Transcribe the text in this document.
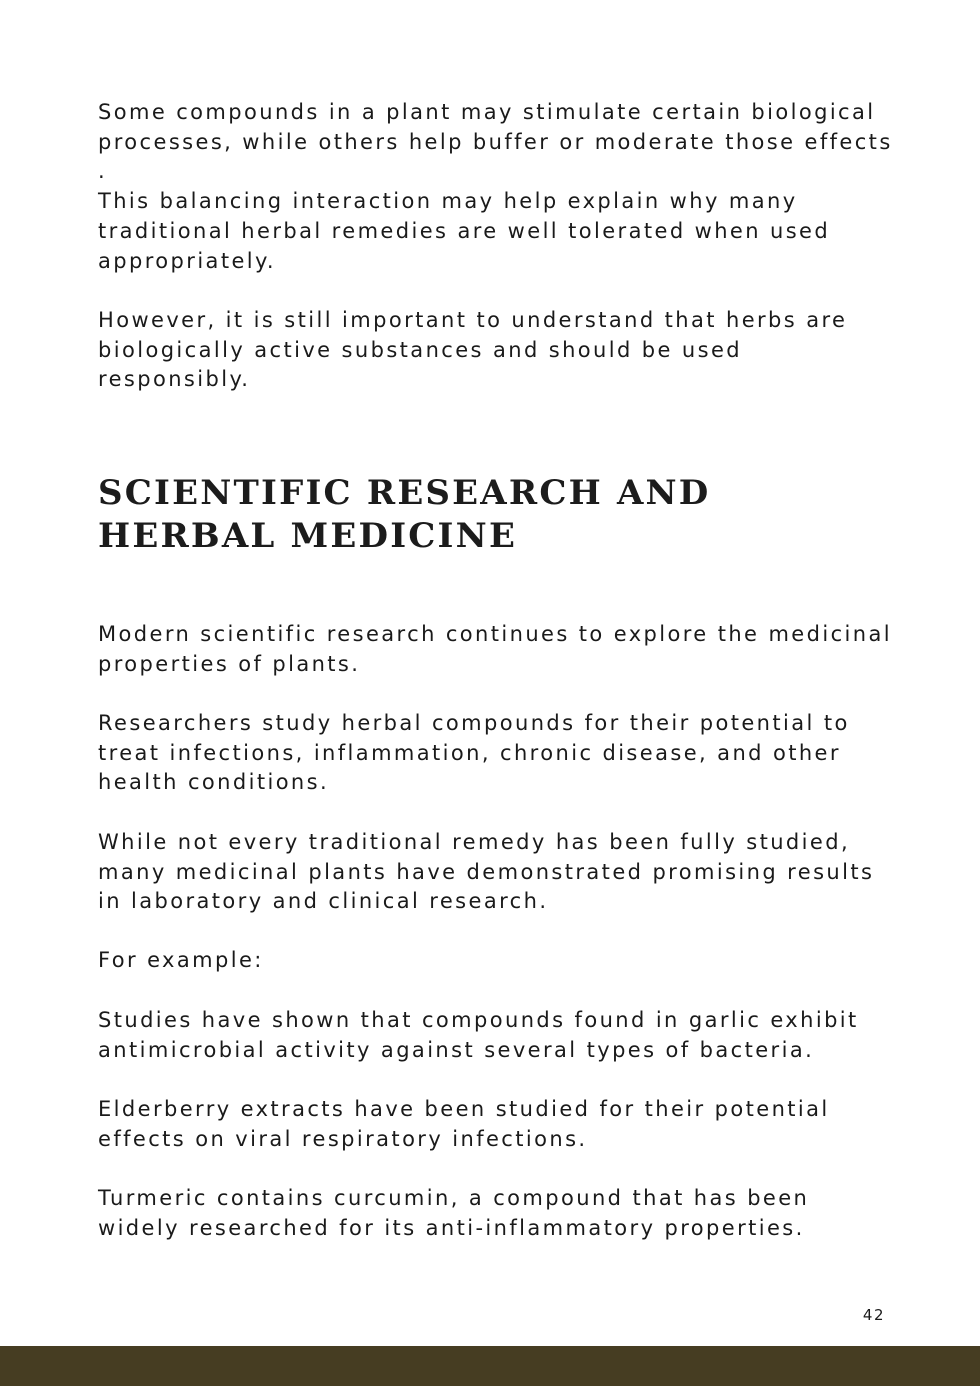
Some compounds in a plant may stimulate certain biological
processes, while others help buffer or moderate those effects
.
This balancing interaction may help explain why many
traditional herbal remedies are well tolerated when used
appropriately.

However, it is still important to understand that herbs are
biologically active substances and should be used
responsibly.

SCIENTIFIC RESEARCH AND
HERBAL MEDICINE

Modern scientific research continues to explore the medicinal
properties of plants.

Researchers study herbal compounds for their potential to
treat infections, inflammation, chronic disease, and other
health conditions.

While not every traditional remedy has been fully studied,
many medicinal plants have demonstrated promising results
in laboratory and clinical research.

For example:

Studies have shown that compounds found in garlic exhibit
antimicrobial activity against several types of bacteria.

Elderberry extracts have been studied for their potential
effects on viral respiratory infections.

Turmeric contains curcumin, a compound that has been
widely researched for its anti-inflammatory properties.

42
